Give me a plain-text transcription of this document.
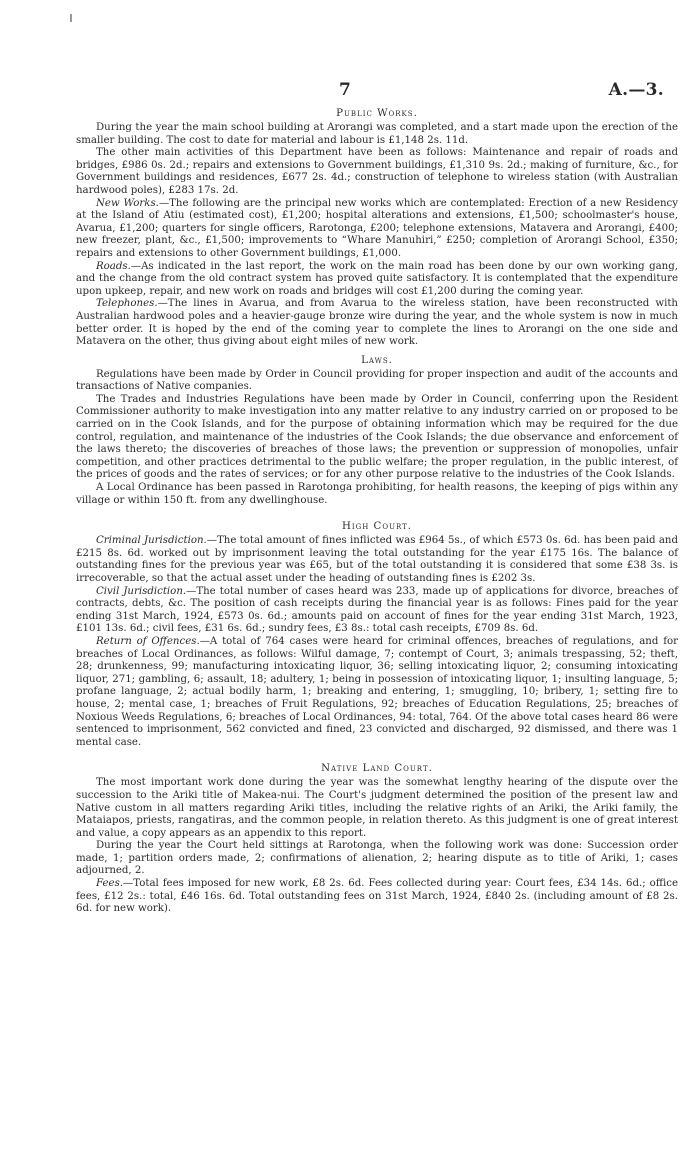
7	A.—3.
Public Works.

During the year the main school building at Arorangi was completed, and a start made upon the erection of the smaller building. The cost to date for material and labour is £1,148 2s. 11d.

The other main activities of this Department have been as follows: Maintenance and repair of roads and bridges, £986 0s. 2d.; repairs and extensions to Government buildings, £1,310 9s. 2d.; making of furniture, &c., for Government buildings and residences, £677 2s. 4d.; construction of telephone to wireless station (with Australian hardwood poles), £283 17s. 2d.

New Works.—The following are the principal new works which are contemplated: Erection of a new Residency at the Island of Atiu (estimated cost), £1,200; hospital alterations and extensions, £1,500; schoolmaster's house, Avarua, £1,200; quarters for single officers, Rarotonga, £200; telephone extensions, Matavera and Arorangi, £400; new freezer, plant, &c., £1,500; improvements to “Whare Manuhiri,” £250; completion of Arorangi School, £350; repairs and extensions to other Government buildings, £1,000.

Roads.—As indicated in the last report, the work on the main road has been done by our own working gang, and the change from the old contract system has proved quite satisfactory. It is contemplated that the expenditure upon upkeep, repair, and new work on roads and bridges will cost £1,200 during the coming year.

Telephones.—The lines in Avarua, and from Avarua to the wireless station, have been reconstructed with Australian hardwood poles and a heavier-gauge bronze wire during the year, and the whole system is now in much better order. It is hoped by the end of the coming year to complete the lines to Arorangi on the one side and Matavera on the other, thus giving about eight miles of new work.

Laws.

Regulations have been made by Order in Council providing for proper inspection and audit of the accounts and transactions of Native companies.

The Trades and Industries Regulations have been made by Order in Council, conferring upon the Resident Commissioner authority to make investigation into any matter relative to any industry carried on or proposed to be carried on in the Cook Islands, and for the purpose of obtaining information which may be required for the due control, regulation, and maintenance of the industries of the Cook Islands; the due observance and enforcement of the laws thereto; the discoveries of breaches of those laws; the prevention or suppression of monopolies, unfair competition, and other practices detrimental to the public welfare; the proper regulation, in the public interest, of the prices of goods and the rates of services; or for any other purpose relative to the industries of the Cook Islands.

A Local Ordinance has been passed in Rarotonga prohibiting, for health reasons, the keeping of pigs within any village or within 150 ft. from any dwellinghouse.

High Court.

Criminal Jurisdiction.—The total amount of fines inflicted was £964 5s., of which £573 0s. 6d. has been paid and £215 8s. 6d. worked out by imprisonment leaving the total outstanding for the year £175 16s. The balance of outstanding fines for the previous year was £65, but of the total outstanding it is considered that some £38 3s. is irrecoverable, so that the actual asset under the heading of outstanding fines is £202 3s.

Civil Jurisdiction.—The total number of cases heard was 233, made up of applications for divorce, breaches of contracts, debts, &c. The position of cash receipts during the financial year is as follows: Fines paid for the year ending 31st March, 1924, £573 0s. 6d.; amounts paid on account of fines for the year ending 31st March, 1923, £101 13s. 6d.; civil fees, £31 6s. 6d.; sundry fees, £3 8s.: total cash receipts, £709 8s. 6d.

Return of Offences.—A total of 764 cases were heard for criminal offences, breaches of regulations, and for breaches of Local Ordinances, as follows: Wilful damage, 7; contempt of Court, 3; animals trespassing, 52; theft, 28; drunkenness, 99; manufacturing intoxicating liquor, 36; selling intoxicating liquor, 2; consuming intoxicating liquor, 271; gambling, 6; assault, 18; adultery, 1; being in possession of intoxicating liquor, 1; insulting language, 5; profane language, 2; actual bodily harm, 1; breaking and entering, 1; smuggling, 10; bribery, 1; setting fire to house, 2; mental case, 1; breaches of Fruit Regulations, 92; breaches of Education Regulations, 25; breaches of Noxious Weeds Regulations, 6; breaches of Local Ordinances, 94: total, 764. Of the above total cases heard 86 were sentenced to imprisonment, 562 convicted and fined, 23 convicted and discharged, 92 dismissed, and there was 1 mental case.

Native Land Court.

The most important work done during the year was the somewhat lengthy hearing of the dispute over the succession to the Ariki title of Makea-nui. The Court's judgment determined the position of the present law and Native custom in all matters regarding Ariki titles, including the relative rights of an Ariki, the Ariki family, the Mataiapos, priests, rangatiras, and the common people, in relation thereto. As this judgment is one of great interest and value, a copy appears as an appendix to this report.

During the year the Court held sittings at Rarotonga, when the following work was done: Succession order made, 1; partition orders made, 2; confirmations of alienation, 2; hearing dispute as to title of Ariki, 1; cases adjourned, 2.

Fees.—Total fees imposed for new work, £8 2s. 6d. Fees collected during year: Court fees, £34 14s. 6d.; office fees, £12 2s.: total, £46 16s. 6d. Total outstanding fees on 31st March, 1924, £840 2s. (including amount of £8 2s. 6d. for new work).
